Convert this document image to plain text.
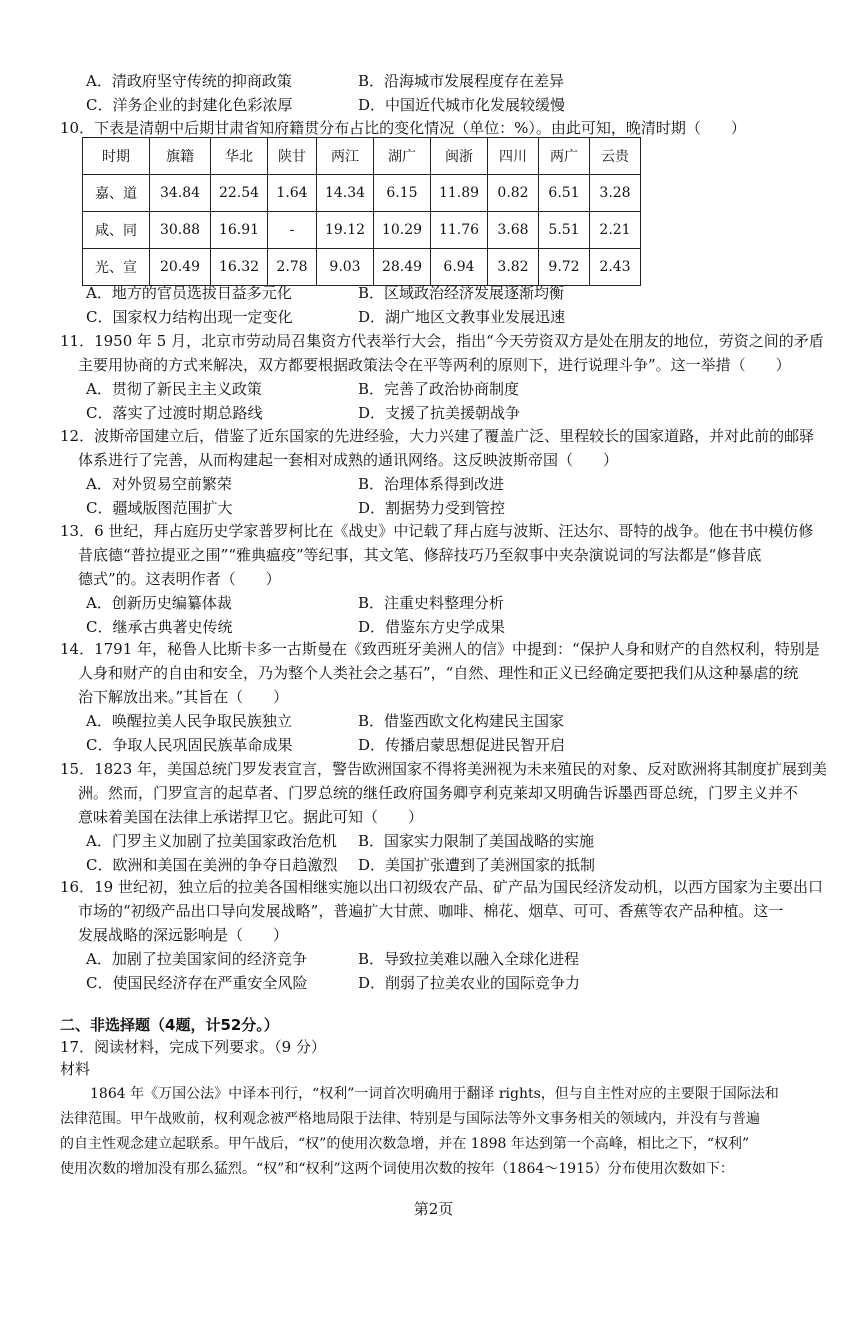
A．清政府坚守传统的抑商政策	B．沿海城市发展程度存在差异
C．洋务企业的封建化色彩浓厚	D．中国近代城市化发展较缓慢
10．下表是清朝中后期甘肃省知府籍贯分布占比的变化情况（单位：%）。由此可知，晚清时期（　　）
时期	旗籍	华北	陕甘	两江	湖广	闽浙	四川	两广	云贵
嘉、道	34.84	22.54	1.64	14.34	6.15	11.89	0.82	6.51	3.28
咸、同	30.88	16.91	-	19.12	10.29	11.76	3.68	5.51	2.21
光、宣	20.49	16.32	2.78	9.03	28.49	6.94	3.82	9.72	2.43
A．地方的官员选拔日益多元化	B．区域政治经济发展逐渐均衡
C．国家权力结构出现一定变化	D．湖广地区文教事业发展迅速
11．1950 年 5 月，北京市劳动局召集资方代表举行大会，指出“今天劳资双方是处在朋友的地位，劳资之间的矛盾
主要用协商的方式来解决，双方都要根据政策法令在平等两利的原则下，进行说理斗争”。这一举措（　　）
A．贯彻了新民主主义政策	B．完善了政治协商制度
C．落实了过渡时期总路线	D．支援了抗美援朝战争
12．波斯帝国建立后，借鉴了近东国家的先进经验，大力兴建了覆盖广泛、里程较长的国家道路，并对此前的邮驿
体系进行了完善，从而构建起一套相对成熟的通讯网络。这反映波斯帝国（　　）
A．对外贸易空前繁荣	B．治理体系得到改进
C．疆域版图范围扩大	D．割据势力受到管控
13．6 世纪，拜占庭历史学家普罗柯比在《战史》中记载了拜占庭与波斯、汪达尔、哥特的战争。他在书中模仿修
昔底德“普拉提亚之围”“雅典瘟疫”等纪事，其文笔、修辞技巧乃至叙事中夹杂演说词的写法都是“修昔底
德式”的。这表明作者（　　）
A．创新历史编纂体裁	B．注重史料整理分析
C．继承古典著史传统	D．借鉴东方史学成果
14．1791 年，秘鲁人比斯卡多一古斯曼在《致西班牙美洲人的信》中提到：“保护人身和财产的自然权利，特别是
人身和财产的自由和安全，乃为整个人类社会之基石”，“自然、理性和正义已经确定要把我们从这种暴虐的统
治下解放出来。”其旨在（　　）
A．唤醒拉美人民争取民族独立	B．借鉴西欧文化构建民主国家
C．争取人民巩固民族革命成果	D．传播启蒙思想促进民智开启
15．1823 年，美国总统门罗发表宣言，警告欧洲国家不得将美洲视为未来殖民的对象、反对欧洲将其制度扩展到美
洲。然而，门罗宣言的起草者、门罗总统的继任政府国务卿亨利克莱却又明确告诉墨西哥总统，门罗主义并不
意味着美国在法律上承诺捍卫它。据此可知（　　）
A．门罗主义加剧了拉美国家政治危机 B．国家实力限制了美国战略的实施
C．欧洲和美国在美洲的争夺日趋激烈 D．美国扩张遭到了美洲国家的抵制
16．19 世纪初，独立后的拉美各国相继实施以出口初级农产品、矿产品为国民经济发动机，以西方国家为主要出口
市场的“初级产品出口导向发展战略”，普遍扩大甘蔗、咖啡、棉花、烟草、可可、香蕉等农产品种植。这一
发展战略的深远影响是（　　）
A．加剧了拉美国家间的经济竞争	B．导致拉美难以融入全球化进程
C．使国民经济存在严重安全风险	D．削弱了拉美农业的国际竞争力
二、非选择题（4题，计52分。）
17．阅读材料，完成下列要求。（9 分）
材料
1864 年《万国公法》中译本刊行，“权利”一词首次明确用于翻译 rights，但与自主性对应的主要限于国际法和
法律范围。甲午战败前，权利观念被严格地局限于法律、特别是与国际法等外文事务相关的领域内，并没有与普遍
的自主性观念建立起联系。甲午战后，“权”的使用次数急增，并在 1898 年达到第一个高峰，相比之下，“权利”
使用次数的增加没有那么猛烈。“权”和“权利”这两个词使用次数的按年（1864～1915）分布使用次数如下：
第2页
